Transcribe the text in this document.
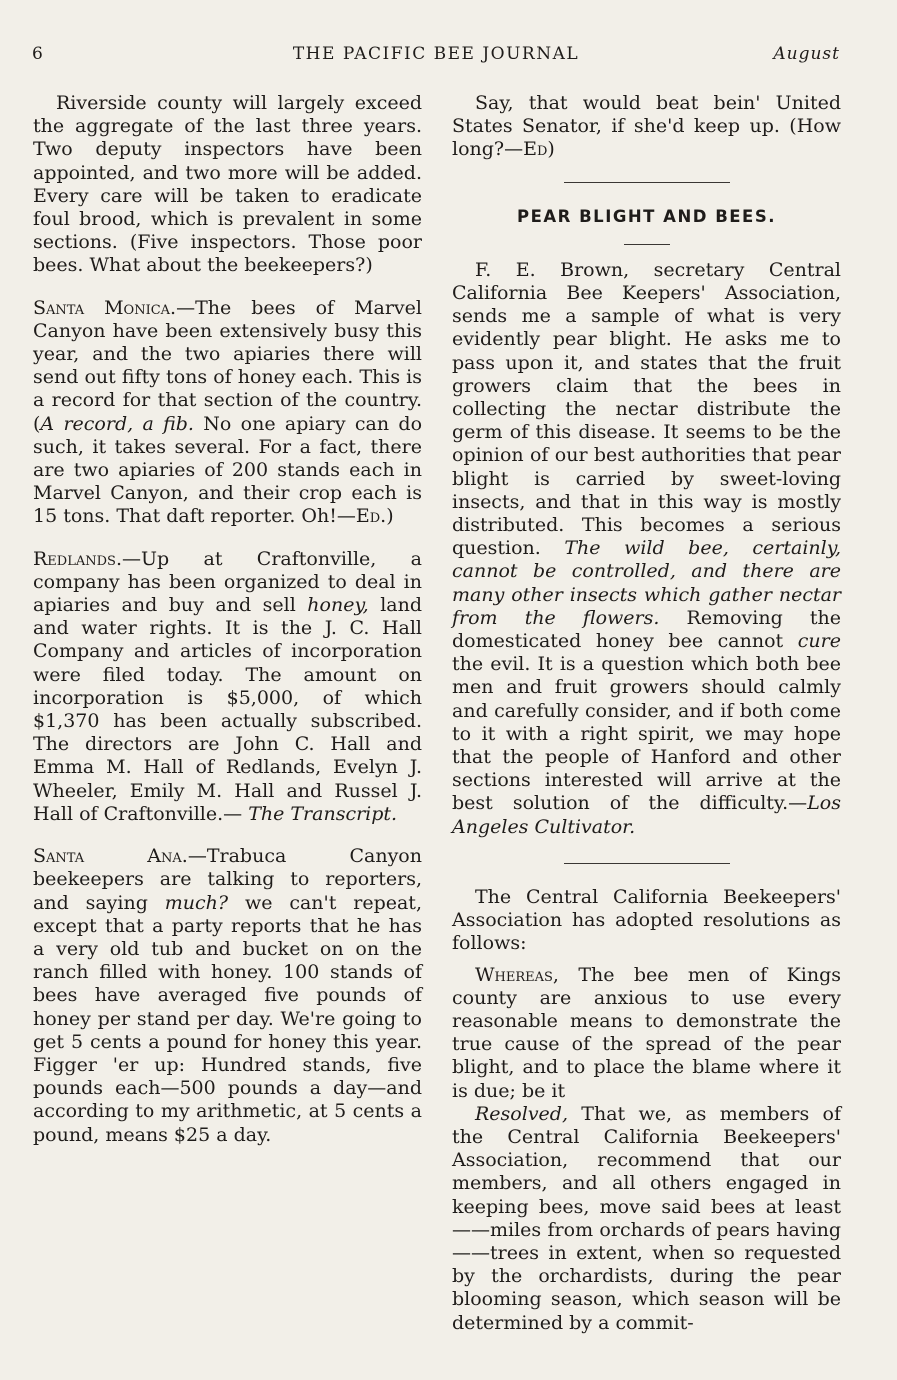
6	THE PACIFIC BEE JOURNAL	August

Riverside county will largely exceed the aggregate of the last three years. Two deputy inspectors have been appointed, and two more will be added. Every care will be taken to eradicate foul brood, which is prevalent in some sections. (Five inspectors. Those poor bees. What about the beekeepers?)

Santa Monica.—The bees of Marvel Canyon have been extensively busy this year, and the two apiaries there will send out fifty tons of honey each. This is a record for that section of the country. (A record, a fib. No one apiary can do such, it takes several. For a fact, there are two apiaries of 200 stands each in Marvel Canyon, and their crop each is 15 tons. That daft reporter. Oh!—Ed.)

Redlands.—Up at Craftonville, a company has been organized to deal in apiaries and buy and sell honey, land and water rights. It is the J. C. Hall Company and articles of incorporation were filed today. The amount on incorporation is $5,000, of which $1,370 has been actually subscribed. The directors are John C. Hall and Emma M. Hall of Redlands, Evelyn J. Wheeler, Emily M. Hall and Russel J. Hall of Craftonville.— The Transcript.

Santa Ana.—Trabuca Canyon beekeepers are talking to reporters, and saying much? we can't repeat, except that a party reports that he has a very old tub and bucket on on the ranch filled with honey. 100 stands of bees have averaged five pounds of honey per stand per day. We're going to get 5 cents a pound for honey this year. Figger 'er up: Hundred stands, five pounds each—500 pounds a day—and according to my arithmetic, at 5 cents a pound, means $25 a day.

Say, that would beat bein' United States Senator, if she'd keep up. (How long?—Ed)

PEAR BLIGHT AND BEES.

F. E. Brown, secretary Central California Bee Keepers' Association, sends me a sample of what is very evidently pear blight. He asks me to pass upon it, and states that the fruit growers claim that the bees in collecting the nectar distribute the germ of this disease. It seems to be the opinion of our best authorities that pear blight is carried by sweet-loving insects, and that in this way is mostly distributed. This becomes a serious question. The wild bee, certainly, cannot be controlled, and there are many other insects which gather nectar from the flowers. Removing the domesticated honey bee cannot cure the evil. It is a question which both bee men and fruit growers should calmly and carefully consider, and if both come to it with a right spirit, we may hope that the people of Hanford and other sections interested will arrive at the best solution of the difficulty.—Los Angeles Cultivator.

The Central California Beekeepers' Association has adopted resolutions as follows:

Whereas, The bee men of Kings county are anxious to use every reasonable means to demonstrate the true cause of the spread of the pear blight, and to place the blame where it is due; be it

Resolved, That we, as members of the Central California Beekeepers' Association, recommend that our members, and all others engaged in keeping bees, move said bees at least——miles from orchards of pears having——trees in extent, when so requested by the orchardists, during the pear blooming season, which season will be determined by a commit-
